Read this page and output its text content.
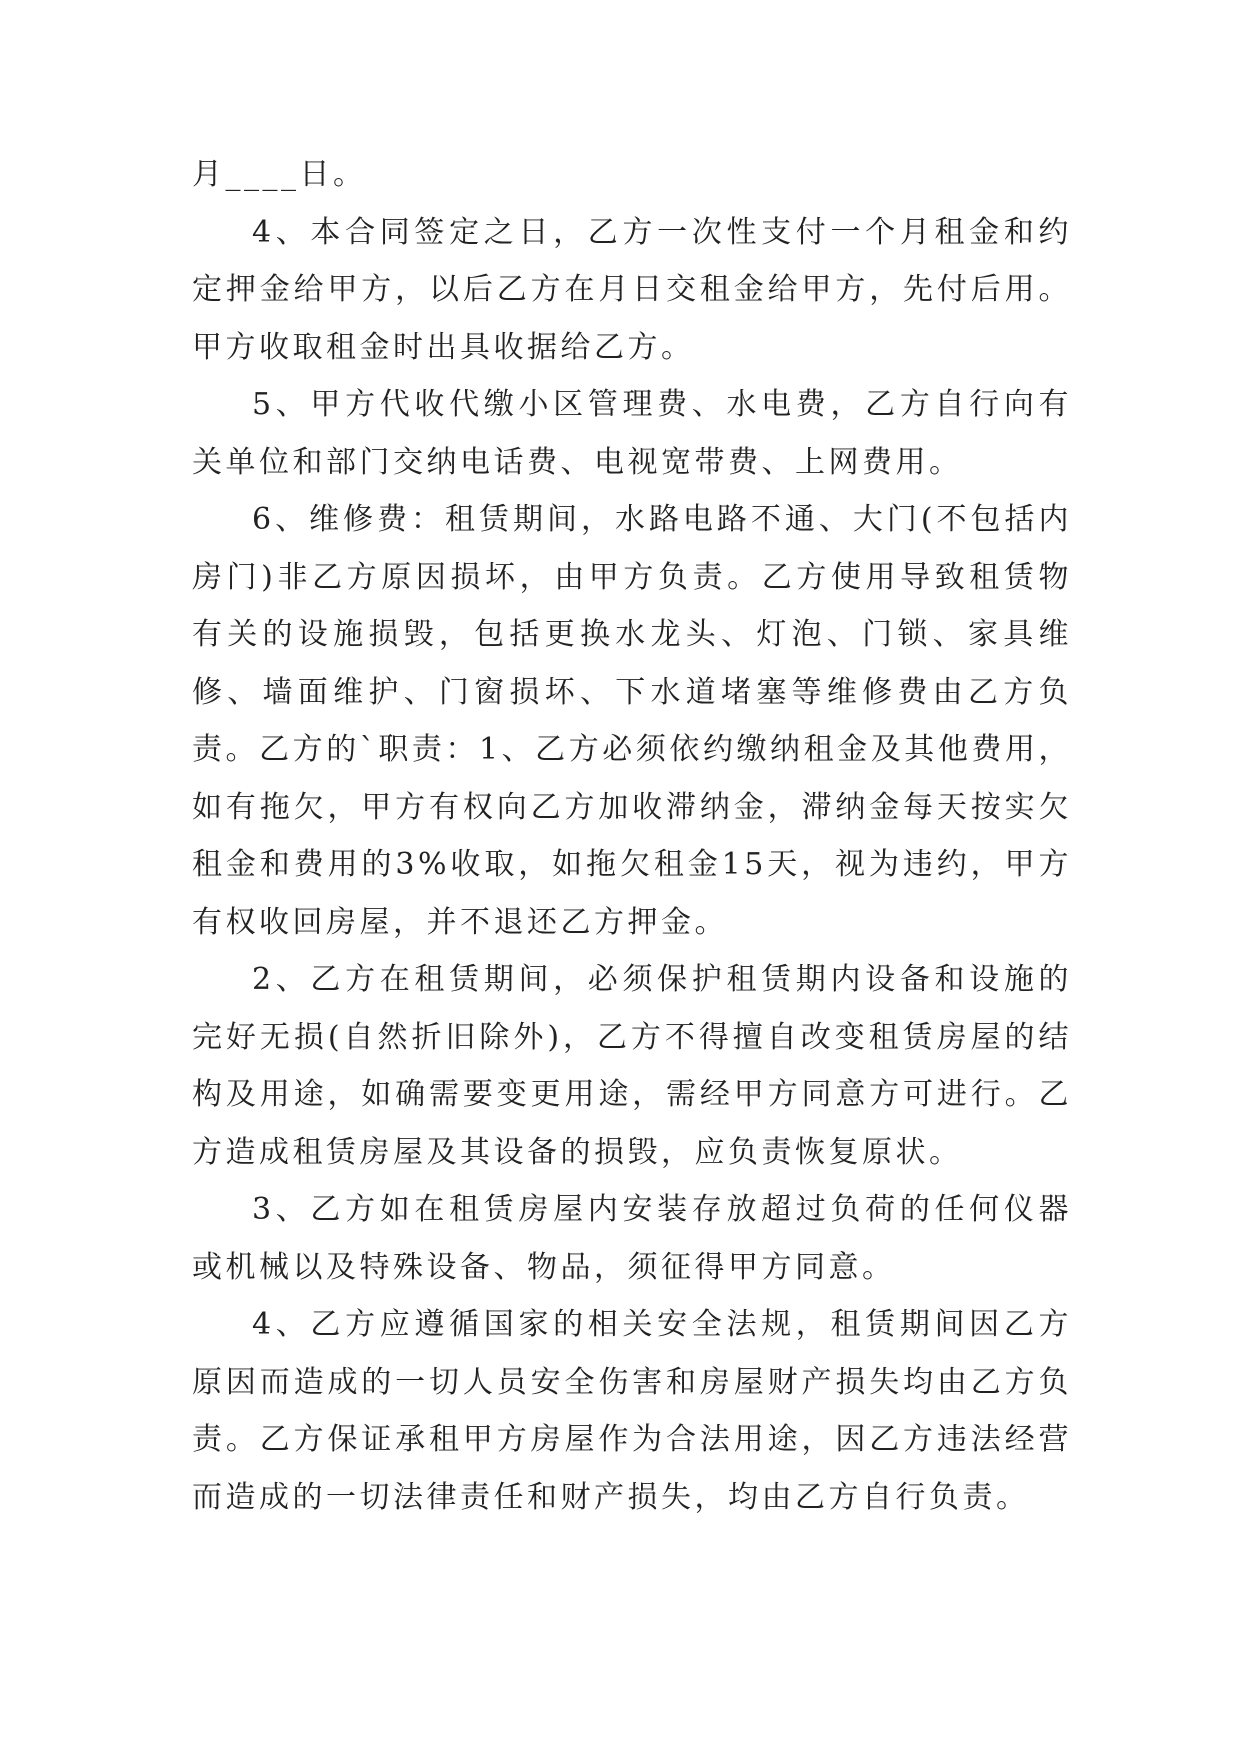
月____日。

4、本合同签定之日，乙方一次性支付一个月租金和约定押金给甲方，以后乙方在月日交租金给甲方，先付后用。甲方收取租金时出具收据给乙方。

5、甲方代收代缴小区管理费、水电费，乙方自行向有关单位和部门交纳电话费、电视宽带费、上网费用。

6、维修费：租赁期间，水路电路不通、大门(不包括内房门)非乙方原因损坏，由甲方负责。乙方使用导致租赁物有关的设施损毁，包括更换水龙头、灯泡、门锁、家具维修、墙面维护、门窗损坏、下水道堵塞等维修费由乙方负责。乙方的`职责：1、乙方必须依约缴纳租金及其他费用，如有拖欠，甲方有权向乙方加收滞纳金，滞纳金每天按实欠租金和费用的3%收取，如拖欠租金15天，视为违约，甲方有权收回房屋，并不退还乙方押金。

2、乙方在租赁期间，必须保护租赁期内设备和设施的完好无损(自然折旧除外)，乙方不得擅自改变租赁房屋的结构及用途，如确需要变更用途，需经甲方同意方可进行。乙方造成租赁房屋及其设备的损毁，应负责恢复原状。

3、乙方如在租赁房屋内安装存放超过负荷的任何仪器或机械以及特殊设备、物品，须征得甲方同意。

4、乙方应遵循国家的相关安全法规，租赁期间因乙方原因而造成的一切人员安全伤害和房屋财产损失均由乙方负责。乙方保证承租甲方房屋作为合法用途，因乙方违法经营而造成的一切法律责任和财产损失，均由乙方自行负责。
